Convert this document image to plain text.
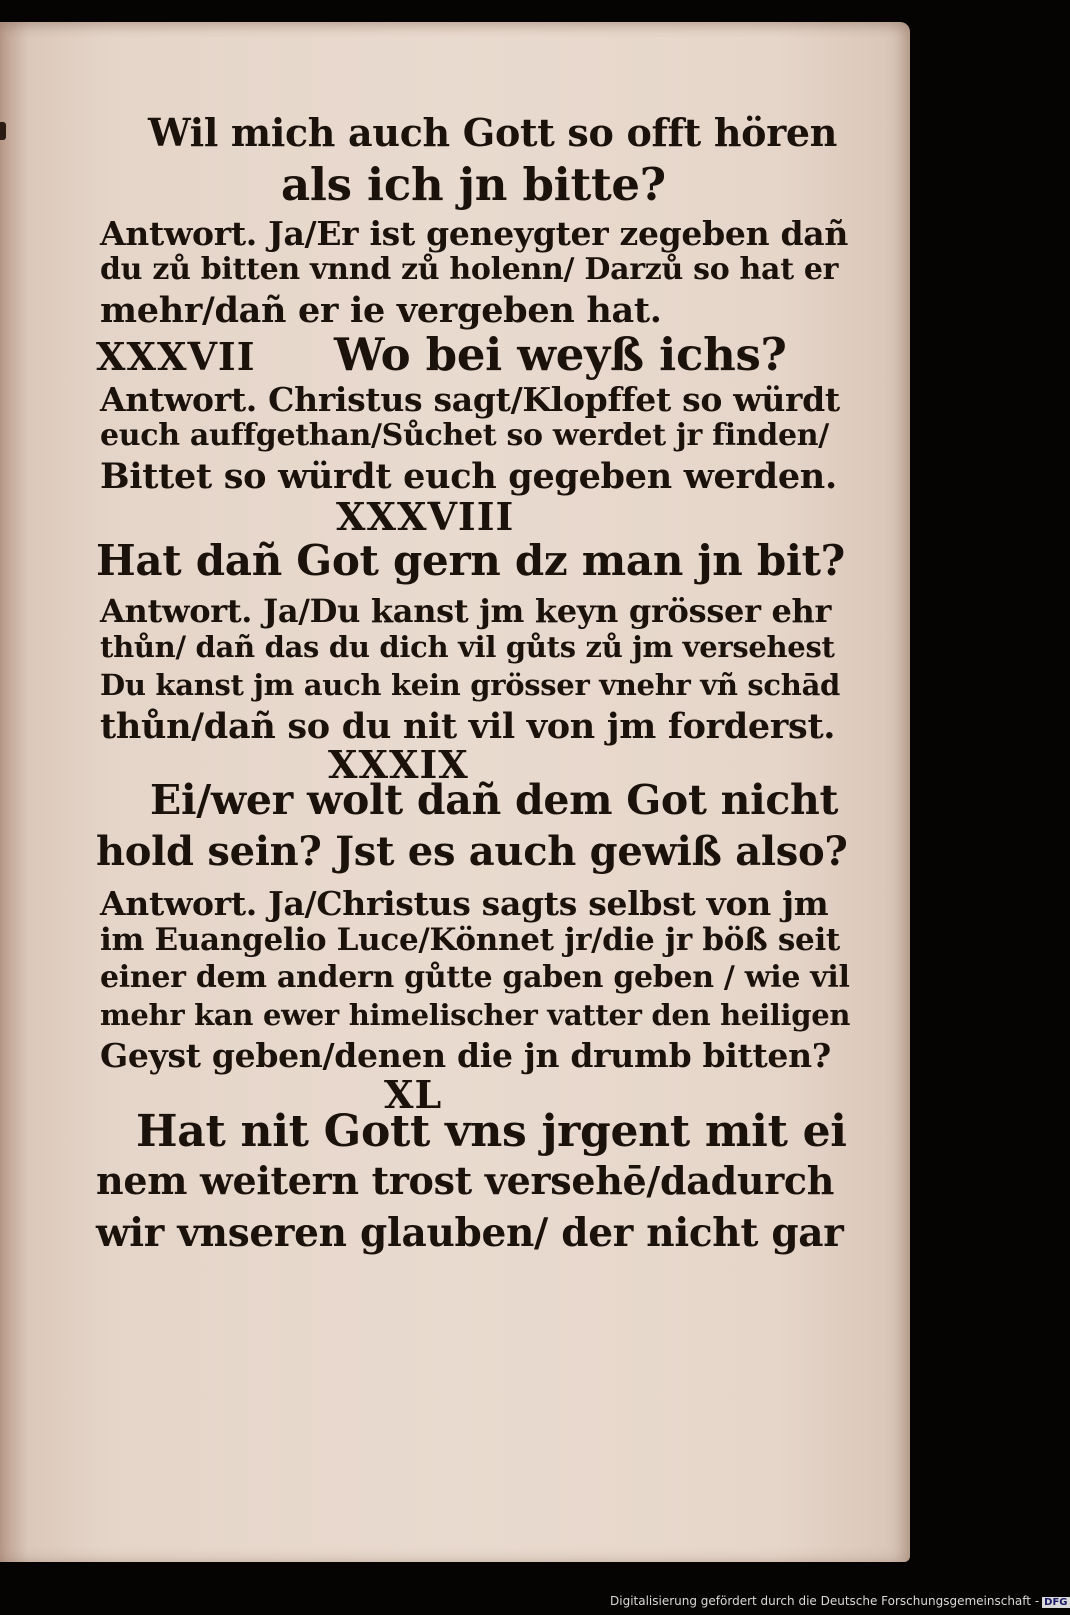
Wil mich auch Gott so offt hören
als ich jn bitte?
Antwort. Ja/Er ist geneygter zegeben dañ
du zů bitten vnnd zů holenn/ Darzů so hat er
mehr/dañ er ie vergeben hat.
XXXVII Wo bei weyß ichs?
Antwort. Christus sagt/Klopffet so würdt
euch auffgethan/Sůchet so werdet jr finden/
Bittet so würdt euch gegeben werden.
XXXVIII
Hat dañ Got gern dz man jn bit?
Antwort. Ja/Du kanst jm keyn grösser ehr
thůn/ dañ das du dich vil gůts zů jm versehest
Du kanst jm auch kein grösser vnehr vñ schād
thůn/dañ so du nit vil von jm forderst.
XXXIX
Ei/wer wolt dañ dem Got nicht
hold sein? Jst es auch gewiß also?
Antwort. Ja/Christus sagts selbst von jm
im Euangelio Luce/Könnet jr/die jr böß seit
einer dem andern gůtte gaben geben / wie vil
mehr kan ewer himelischer vatter den heiligen
Geyst geben/denen die jn drumb bitten?
XL
Hat nit Gott vns jrgent mit ei
nem weitern trost versehē/dadurch
wir vnseren glauben/ der nicht gar
Digitalisierung gefördert durch die Deutsche Forschungsgemeinschaft - DFG
